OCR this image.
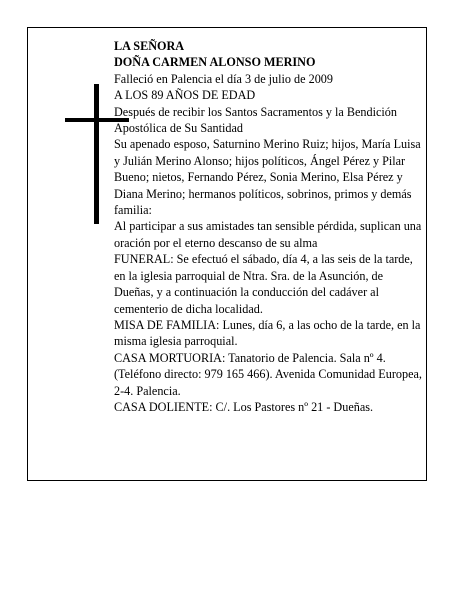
LA SEÑORA

DOÑA CARMEN ALONSO MERINO

Falleció en Palencia el día 3 de julio de 2009

A LOS 89 AÑOS DE EDAD

Después de recibir los Santos Sacramentos y la Bendición Apostólica de Su Santidad

Su apenado esposo, Saturnino Merino Ruiz; hijos, María Luisa y Julián Merino Alonso; hijos políticos, Ángel Pérez y Pilar Bueno; nietos, Fernando Pérez, Sonia Merino, Elsa Pérez y Diana Merino; hermanos políticos, sobrinos, primos y demás familia:

Al participar a sus amistades tan sensible pérdida, suplican una oración por el eterno descanso de su alma

FUNERAL: Se efectuó el sábado, día 4, a las seis de la tarde, en la iglesia parroquial de Ntra. Sra. de la Asunción, de Dueñas, y a continuación la conducción del cadáver al cementerio de dicha localidad.

MISA DE FAMILIA: Lunes, día 6, a las ocho de la tarde, en la misma iglesia parroquial.

CASA MORTUORIA: Tanatorio de Palencia. Sala nº 4. (Teléfono directo: 979 165 466). Avenida Comunidad Europea, 2-4. Palencia.

CASA DOLIENTE: C/. Los Pastores nº 21 - Dueñas.
